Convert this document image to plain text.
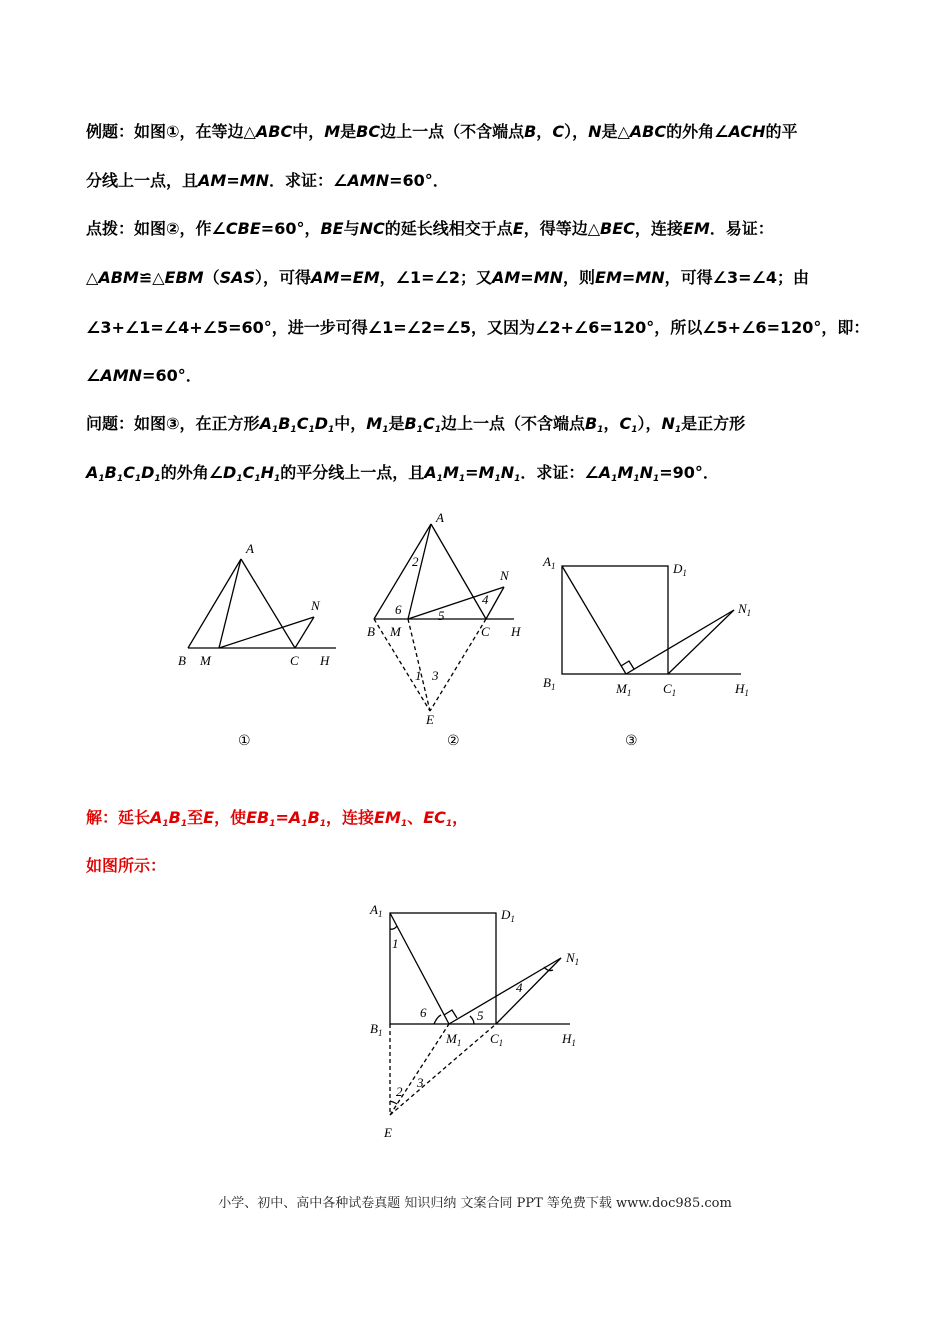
例题：如图①，在等边△ABC中，M是BC边上一点（不含端点B，C），N是△ABC的外角∠ACH的平
分线上一点，且AM=MN．求证：∠AMN=60°．
点拨：如图②，作∠CBE=60°，BE与NC的延长线相交于点E，得等边△BEC，连接EM．易证：
△ABM≌△EBM（SAS），可得AM=EM，∠1=∠2；又AM=MN，则EM=MN，可得∠3=∠4；由
∠3+∠1=∠4+∠5=60°，进一步可得∠1=∠2=∠5，又因为∠2+∠6=120°，所以∠5+∠6=120°，即：
∠AMN=60°．
问题：如图③，在正方形$A_1B_1C_1D_1$中，$M_1$是$B_1C_1$边上一点（不含端点$B_1$，$C_1$），$N_1$是正方形
$A_1B_1C_1D_1$的外角$\angle D_1C_1H_1$的平分线上一点，且$A_1M_1=M_1N_1$．求证：$\angle A_1M_1N_1=90^\circ$．
A
B M	C H
N
①
A
B M	C H
N
E
2
6	5
4
1 3
②
$A_1$	$D_1$
$B_1$	$M_1$ $C_1$	$H_1$
$N_1$
③
解：延长$A_1B_1$至E，使$EB_1=A_1B_1$，连接$EM_1$、$EC_1$，
如图所示：
$A_1$	$D_1$
$B_1$	$M_1$ $C_1$	$H_1$
$N_1$
E
1
6	5
4
2
3
小学、初中、高中各种试卷真题 知识归纳 文案合同 PPT 等免费下载 www.doc985.com
